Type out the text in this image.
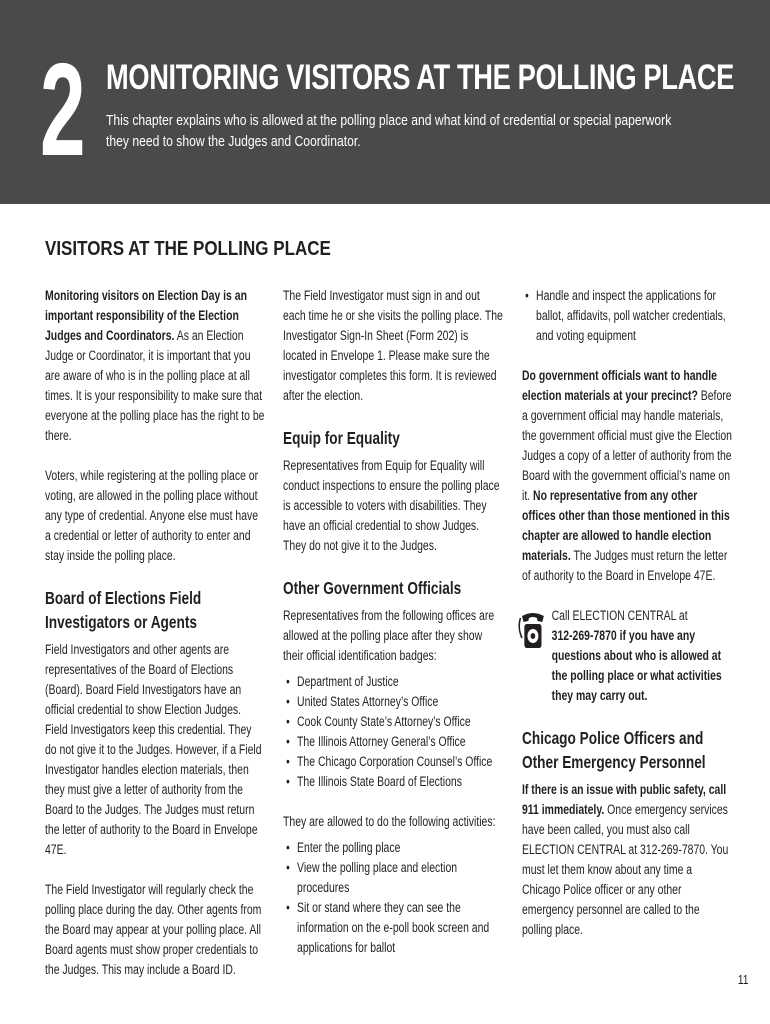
2 MONITORING VISITORS AT THE POLLING PLACE
This chapter explains who is allowed at the polling place and what kind of credential or special paperwork they need to show the Judges and Coordinator.
VISITORS AT THE POLLING PLACE

Monitoring visitors on Election Day is an important responsibility of the Election Judges and Coordinators. As an Election Judge or Coordinator, it is important that you are aware of who is in the polling place at all times. It is your responsibility to make sure that everyone at the polling place has the right to be there.

Voters, while registering at the polling place or voting, are allowed in the polling place without any type of credential. Anyone else must have a credential or letter of authority to enter and stay inside the polling place.

Board of Elections Field Investigators or Agents

Field Investigators and other agents are representatives of the Board of Elections (Board). Board Field Investigators have an official credential to show Election Judges. Field Investigators keep this credential. They do not give it to the Judges. However, if a Field Investigator handles election materials, then they must give a letter of authority from the Board to the Judges. The Judges must return the letter of authority to the Board in Envelope 47E.

The Field Investigator will regularly check the polling place during the day. Other agents from the Board may appear at your polling place. All Board agents must show proper credentials to the Judges. This may include a Board ID.

The Field Investigator must sign in and out each time he or she visits the polling place. The Investigator Sign-In Sheet (Form 202) is located in Envelope 1. Please make sure the investigator completes this form. It is reviewed after the election.

Equip for Equality

Representatives from Equip for Equality will conduct inspections to ensure the polling place is accessible to voters with disabilities. They have an official credential to show Judges. They do not give it to the Judges.

Other Government Officials

Representatives from the following offices are allowed at the polling place after they show their official identification badges:

• Department of Justice
• United States Attorney’s Office
• Cook County State’s Attorney’s Office
• The Illinois Attorney General’s Office
• The Chicago Corporation Counsel’s Office
• The Illinois State Board of Elections

They are allowed to do the following activities:

• Enter the polling place
• View the polling place and election procedures
• Sit or stand where they can see the information on the e-poll book screen and applications for ballot
• Handle and inspect the applications for ballot, affidavits, poll watcher credentials, and voting equipment

Do government officials want to handle election materials at your precinct? Before a government official may handle materials, the government official must give the Election Judges a copy of a letter of authority from the Board with the government official’s name on it. No representative from any other offices other than those mentioned in this chapter are allowed to handle election materials. The Judges must return the letter of authority to the Board in Envelope 47E.

Call ELECTION CENTRAL at
312-269-7870 if you have any questions about who is allowed at the polling place or what activities they may carry out.
Chicago Police Officers and Other Emergency Personnel

If there is an issue with public safety, call 911 immediately. Once emergency services have been called, you must also call ELECTION CENTRAL at 312-269-7870. You must let them know about any time a Chicago Police officer or any other emergency personnel are called to the polling place.

11
